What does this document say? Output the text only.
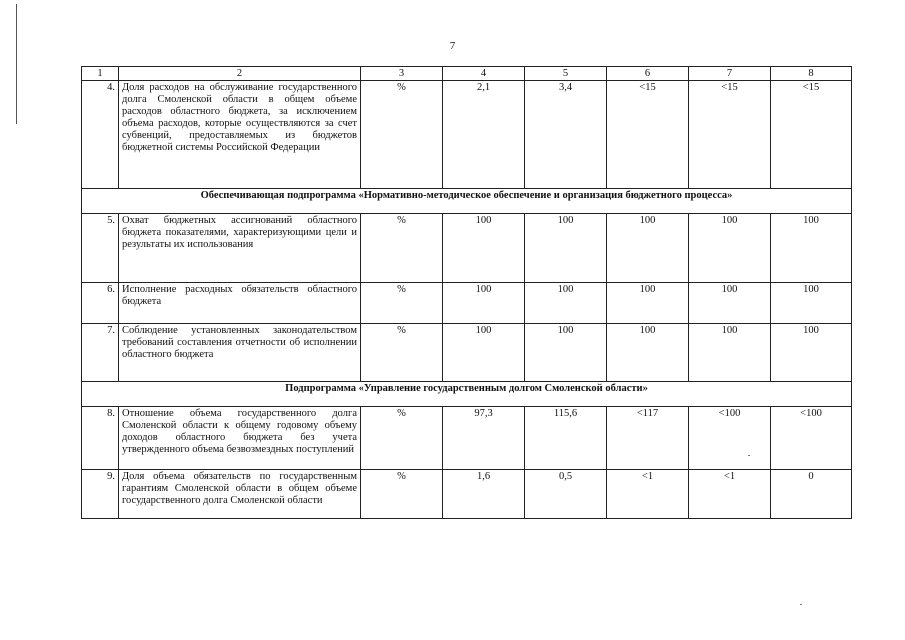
7
1	2	3	4	5	6	7	8
4.	Доля расходов на обслуживание государственного долга Смоленской области в общем объеме расходов областного бюджета, за исключением объема расходов, которые осуществляются за счет субвенций, предоставляемых из бюджетов бюджетной системы Российской Федерации	%	2,1	3,4	<15	<15	<15
Обеспечивающая подпрограмма «Нормативно-методическое обеспечение и организация бюджетного процесса»							
5.	Охват бюджетных ассигнований областного бюджета показателями, характеризующими цели и результаты их использования	%	100	100	100	100	100
6.	Исполнение расходных обязательств областного бюджета	%	100	100	100	100	100
7.	Соблюдение установленных законодательством требований составления отчетности об исполнении областного бюджета	%	100	100	100	100	100
Подпрограмма «Управление государственным долгом Смоленской области»							
8.	Отношение объема государственного долга Смоленской области к общему годовому объему доходов областного бюджета без учета утвержденного объема безвозмездных поступлений	%	97,3	115,6	<117	<100	<100
9.	Доля объема обязательств по государственным гарантиям Смоленской области в общем объеме государственного долга Смоленской области	%	1,6	0,5	<1	<1	0
